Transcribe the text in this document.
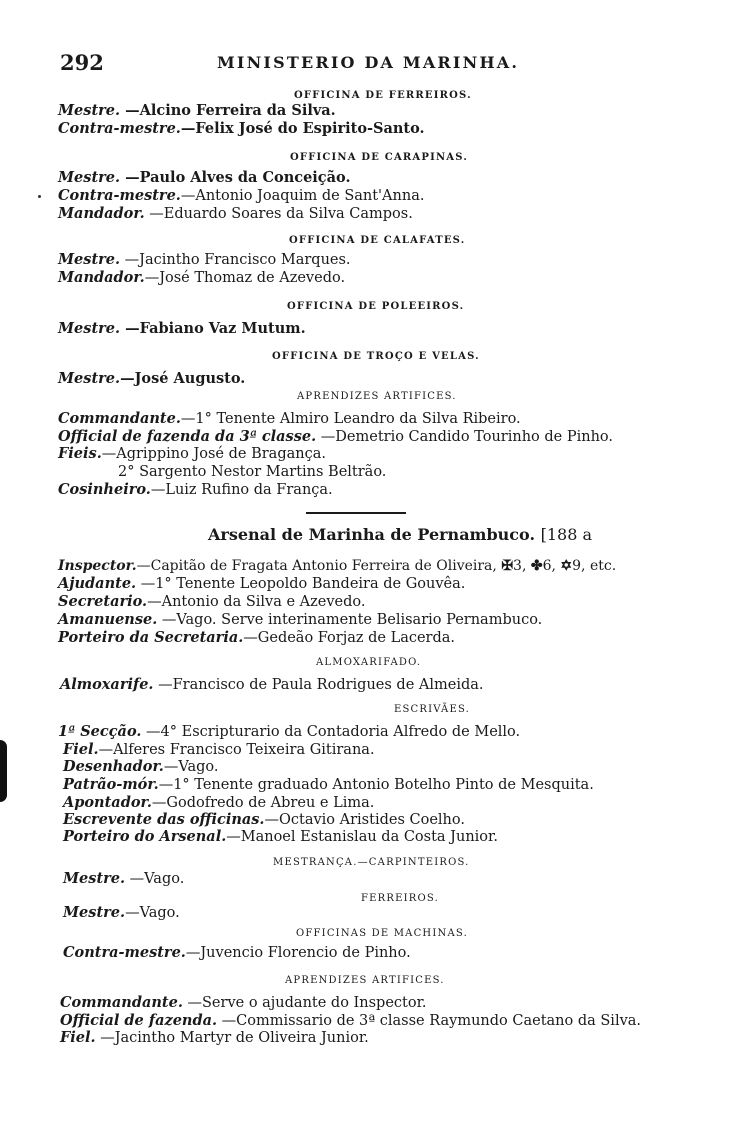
292	MINISTERIO DA MARINHA.
OFFICINA DE FERREIROS.
Mestre. —Alcino Ferreira da Silva.
Contra-mestre.—Felix José do Espirito-Santo.
OFFICINA DE CARAPINAS.
Mestre. —Paulo Alves da Conceição.
Contra-mestre.—Antonio Joaquim de Sant'Anna.
Mandador. —Eduardo Soares da Silva Campos.
OFFICINA DE CALAFATES.
Mestre. —Jacintho Francisco Marques.
Mandador.—José Thomaz de Azevedo.
OFFICINA DE POLEEIROS.
Mestre. —Fabiano Vaz Mutum.
OFFICINA DE TROÇO E VELAS.
Mestre.—José Augusto.
APRENDIZES ARTIFICES.
Commandante.—1° Tenente Almiro Leandro da Silva Ribeiro.
Official de fazenda da 3ª classe. —Demetrio Candido Tourinho de Pinho.
Fieis.—Agrippino José de Bragança.
2° Sargento Nestor Martins Beltrão.
Cosinheiro.—Luiz Rufino da França.
Arsenal de Marinha de Pernambuco. [188 a
Inspector.—Capitão de Fragata Antonio Ferreira de Oliveira, ✠3, ✤6, ✡9, etc.
Ajudante. —1° Tenente Leopoldo Bandeira de Gouvêa.
Secretario.—Antonio da Silva e Azevedo.
Amanuense. —Vago. Serve interinamente Belisario Pernambuco.
Porteiro da Secretaria.—Gedeão Forjaz de Lacerda.
ALMOXARIFADO.
Almoxarife. —Francisco de Paula Rodrigues de Almeida.
ESCRIVÃES.
1ª Secção. —4° Escripturario da Contadoria Alfredo de Mello.
Fiel.—Alferes Francisco Teixeira Gitirana.
Desenhador.—Vago.
Patrão-mór.—1° Tenente graduado Antonio Botelho Pinto de Mesquita.
Apontador.—Godofredo de Abreu e Lima.
Escrevente das officinas.—Octavio Aristides Coelho.
Porteiro do Arsenal.—Manoel Estanislau da Costa Junior.
MESTRANÇA.—CARPINTEIROS.
Mestre. —Vago.
FERREIROS.
Mestre.—Vago.
OFFICINAS DE MACHINAS.
Contra-mestre.—Juvencio Florencio de Pinho.
APRENDIZES ARTIFICES.
Commandante. —Serve o ajudante do Inspector.
Official de fazenda. —Commissario de 3ª classe Raymundo Caetano da Silva.
Fiel. —Jacintho Martyr de Oliveira Junior.
